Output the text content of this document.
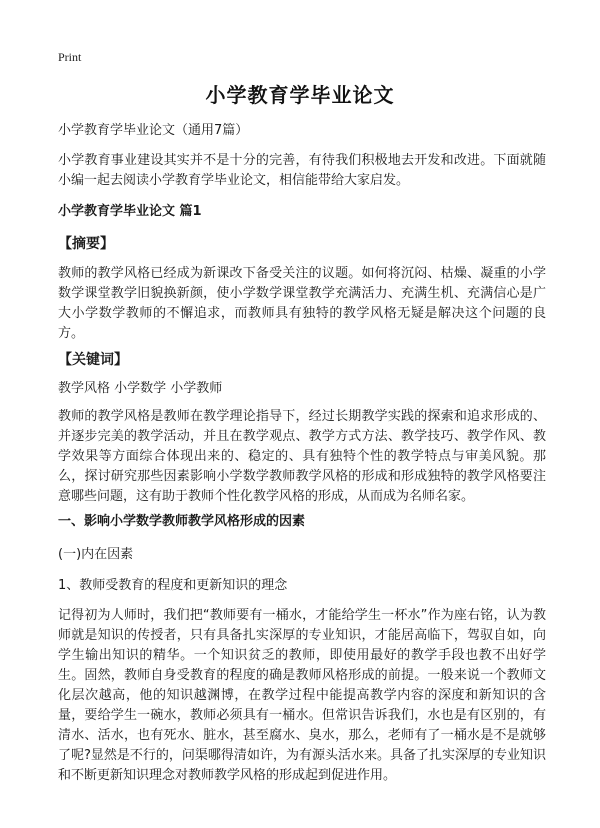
Print
小学教育学毕业论文
小学教育学毕业论文（通用7篇）
小学教育事业建设其实并不是十分的完善，有待我们积极地去开发和改进。下面就随小编一起去阅读小学教育学毕业论文，相信能带给大家启发。
小学教育学毕业论文 篇1
【摘要】
教师的教学风格已经成为新课改下备受关注的议题。如何将沉闷、枯燥、凝重的小学数学课堂教学旧貌换新颜，使小学数学课堂教学充满活力、充满生机、充满信心是广大小学数学教师的不懈追求，而教师具有独特的教学风格无疑是解决这个问题的良方。
【关键词】
教学风格 小学数学 小学教师
教师的教学风格是教师在教学理论指导下，经过长期教学实践的探索和追求形成的、并逐步完美的教学活动，并且在教学观点、教学方式方法、教学技巧、教学作风、教学效果等方面综合体现出来的、稳定的、具有独特个性的教学特点与审美风貌。那么，探讨研究那些因素影响小学数学教师教学风格的形成和形成独特的教学风格要注意哪些问题，这有助于教师个性化教学风格的形成，从而成为名师名家。
一、影响小学数学教师教学风格形成的因素
(一)内在因素
1、教师受教育的程度和更新知识的理念
记得初为人师时，我们把“教师要有一桶水，才能给学生一杯水”作为座右铭，认为教师就是知识的传授者，只有具备扎实深厚的专业知识，才能居高临下，驾驭自如，向学生输出知识的精华。一个知识贫乏的教师，即使用最好的教学手段也教不出好学生。固然，教师自身受教育的程度的确是教师风格形成的前提。一般来说一个教师文化层次越高，他的知识越渊博，在教学过程中能提高教学内容的深度和新知识的含量，要给学生一碗水，教师必须具有一桶水。但常识告诉我们，水也是有区别的，有清水、活水，也有死水、脏水，甚至腐水、臭水，那么，老师有了一桶水是不是就够了呢?显然是不行的，问渠哪得清如许，为有源头活水来。具备了扎实深厚的专业知识和不断更新知识理念对教师教学风格的形成起到促进作用。
